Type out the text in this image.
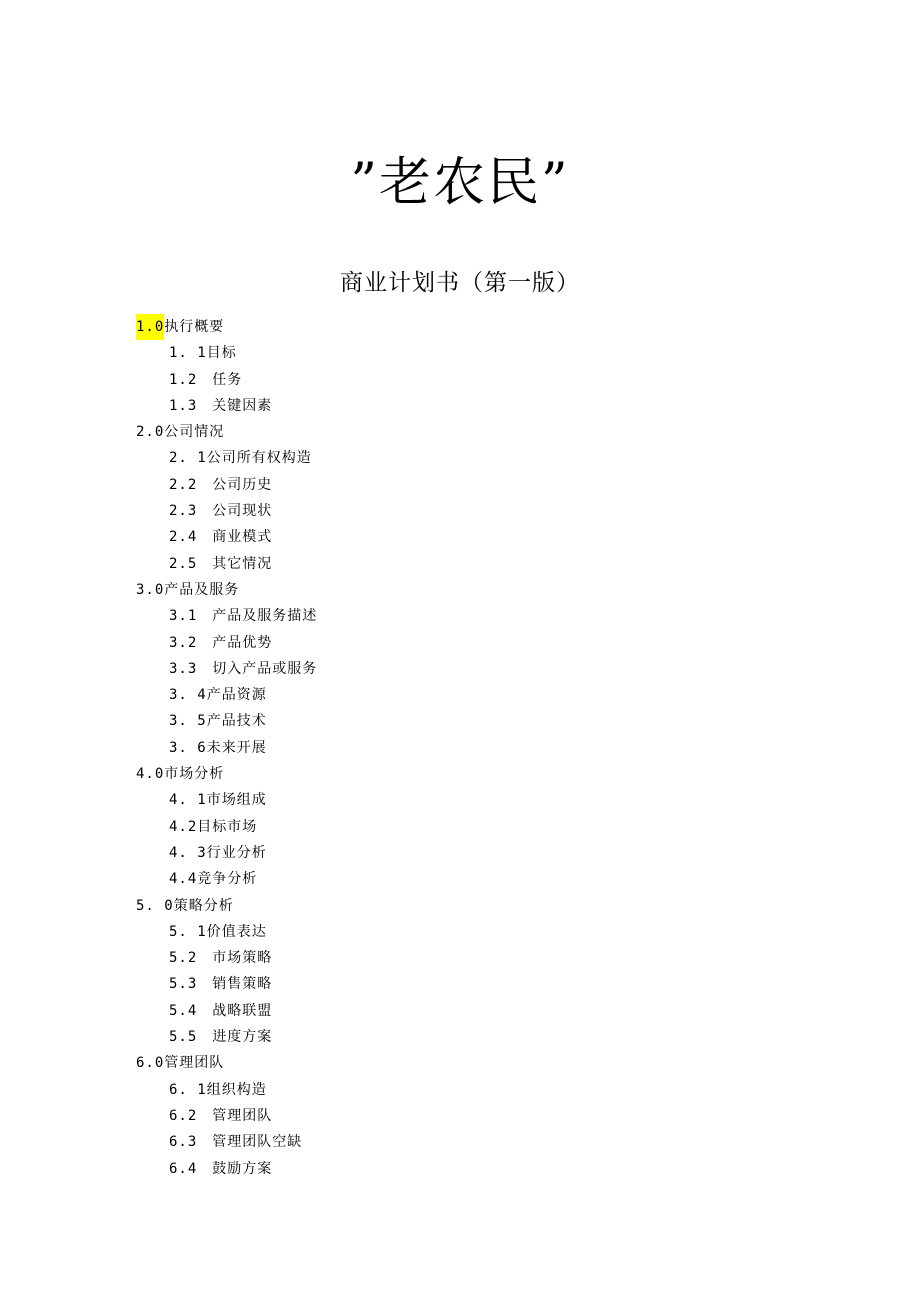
”老农民”
商业计划书（第一版）
1.0执行概要
1. 1目标
1.2　任务
1.3　关键因素
2.0公司情况
2. 1公司所有权构造
2.2　公司历史
2.3　公司现状
2.4　商业模式
2.5　其它情况
3.0产品及服务
3.1　产品及服务描述
3.2　产品优势
3.3　切入产品或服务
3. 4产品资源
3. 5产品技术
3. 6未来开展
4.0市场分析
4. 1市场组成
4.2目标市场
4. 3行业分析
4.4竞争分析
5. 0策略分析
5. 1价值表达
5.2　市场策略
5.3　销售策略
5.4　战略联盟
5.5　进度方案
6.0管理团队
6. 1组织构造
6.2　管理团队
6.3　管理团队空缺
6.4　鼓励方案
